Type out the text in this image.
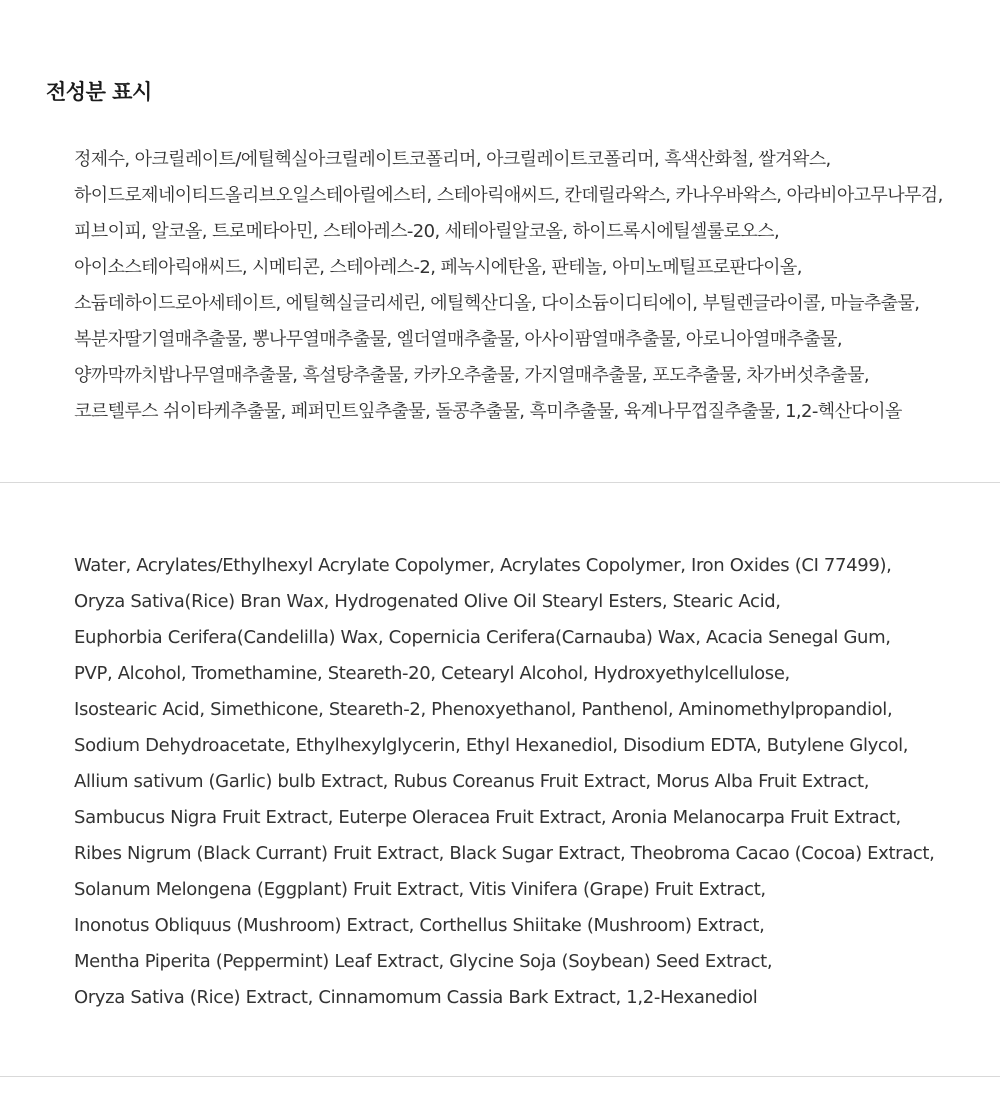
전성분 표시
정제수, 아크릴레이트/에틸헥실아크릴레이트코폴리머, 아크릴레이트코폴리머, 흑색산화철, 쌀겨왁스,
하이드로제네이티드올리브오일스테아릴에스터, 스테아릭애씨드, 칸데릴라왁스, 카나우바왁스, 아라비아고무나무검,
피브이피, 알코올, 트로메타아민, 스테아레스-20, 세테아릴알코올, 하이드록시에틸셀룰로오스,
아이소스테아릭애씨드, 시메티콘, 스테아레스-2, 페녹시에탄올, 판테놀, 아미노메틸프로판다이올,
소듐데하이드로아세테이트, 에틸헥실글리세린, 에틸헥산디올, 다이소듐이디티에이, 부틸렌글라이콜, 마늘추출물,
복분자딸기열매추출물, 뽕나무열매추출물, 엘더열매추출물, 아사이팜열매추출물, 아로니아열매추출물,
양까막까치밥나무열매추출물, 흑설탕추출물, 카카오추출물, 가지열매추출물, 포도추출물, 차가버섯추출물,
코르텔루스 쉬이타케추출물, 페퍼민트잎추출물, 돌콩추출물, 흑미추출물, 육계나무껍질추출물, 1,2-헥산다이올
Water, Acrylates/Ethylhexyl Acrylate Copolymer, Acrylates Copolymer, Iron Oxides (CI 77499),
Oryza Sativa(Rice) Bran Wax, Hydrogenated Olive Oil Stearyl Esters, Stearic Acid,
Euphorbia Cerifera(Candelilla) Wax, Copernicia Cerifera(Carnauba) Wax, Acacia Senegal Gum,
PVP, Alcohol, Tromethamine, Steareth-20, Cetearyl Alcohol, Hydroxyethylcellulose,
Isostearic Acid, Simethicone, Steareth-2, Phenoxyethanol, Panthenol, Aminomethylpropandiol,
Sodium Dehydroacetate, Ethylhexylglycerin, Ethyl Hexanediol, Disodium EDTA, Butylene Glycol,
Allium sativum (Garlic) bulb Extract, Rubus Coreanus Fruit Extract, Morus Alba Fruit Extract,
Sambucus Nigra Fruit Extract, Euterpe Oleracea Fruit Extract, Aronia Melanocarpa Fruit Extract,
Ribes Nigrum (Black Currant) Fruit Extract, Black Sugar Extract, Theobroma Cacao (Cocoa) Extract,
Solanum Melongena (Eggplant) Fruit Extract, Vitis Vinifera (Grape) Fruit Extract,
Inonotus Obliquus (Mushroom) Extract, Corthellus Shiitake (Mushroom) Extract,
Mentha Piperita (Peppermint) Leaf Extract, Glycine Soja (Soybean) Seed Extract,
Oryza Sativa (Rice) Extract, Cinnamomum Cassia Bark Extract, 1,2-Hexanediol
